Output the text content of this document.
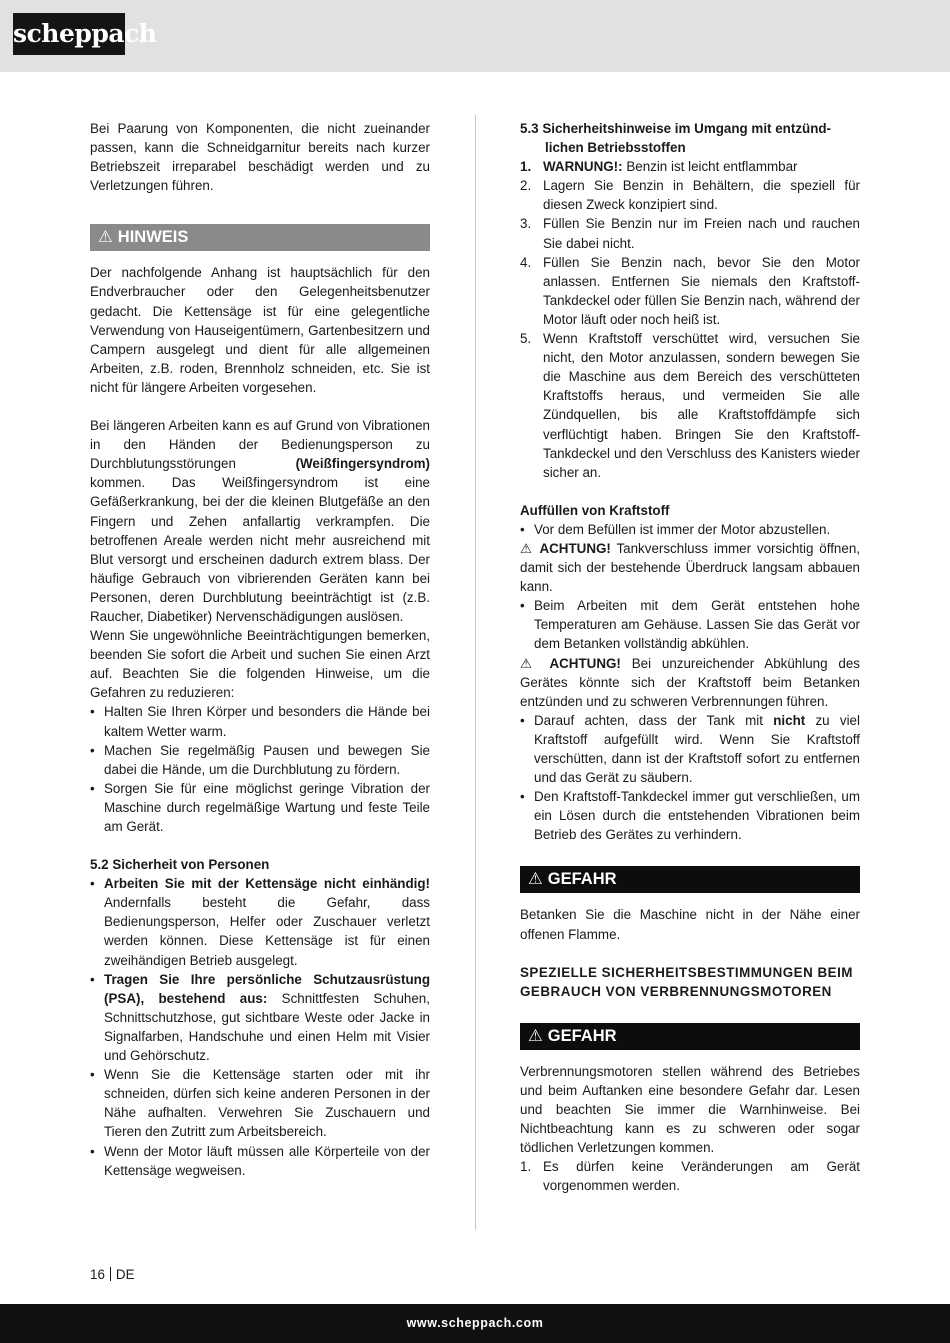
scheppach

Bei Paarung von Komponenten, die nicht zueinander passen, kann die Schneidgarnitur bereits nach kurzer Betriebszeit irreparabel beschädigt werden und zu Verletzungen führen.

⚠ HINWEIS

Der nachfolgende Anhang ist hauptsächlich für den Endverbraucher oder den Gelegenheitsbenutzer gedacht. Die Kettensäge ist für eine gelegentliche Verwendung von Hauseigentümern, Gartenbesitzern und Campern ausgelegt und dient für alle allgemeinen Arbeiten, z.B. roden, Brennholz schneiden, etc. Sie ist nicht für längere Arbeiten vorgesehen.

Bei längeren Arbeiten kann es auf Grund von Vibrationen in den Händen der Bedienungsperson zu Durchblutungsstörungen (Weißfingersyndrom) kommen. Das Weißfingersyndrom ist eine Gefäßerkrankung, bei der die kleinen Blutgefäße an den Fingern und Zehen anfallartig verkrampfen. Die betroffenen Areale werden nicht mehr ausreichend mit Blut versorgt und erscheinen dadurch extrem blass. Der häufige Gebrauch von vibrierenden Geräten kann bei Personen, deren Durchblutung beeinträchtigt ist (z.B. Raucher, Diabetiker) Nervenschädigungen auslösen.

Wenn Sie ungewöhnliche Beeinträchtigungen bemerken, beenden Sie sofort die Arbeit und suchen Sie einen Arzt auf. Beachten Sie die folgenden Hinweise, um die Gefahren zu reduzieren:

• Halten Sie Ihren Körper und besonders die Hände bei kaltem Wetter warm.
• Machen Sie regelmäßig Pausen und bewegen Sie dabei die Hände, um die Durchblutung zu fördern.
• Sorgen Sie für eine möglichst geringe Vibration der Maschine durch regelmäßige Wartung und feste Teile am Gerät.
5.2 Sicherheit von Personen
• Arbeiten Sie mit der Kettensäge nicht einhändig! Andernfalls besteht die Gefahr, dass Bedienungsperson, Helfer oder Zuschauer verletzt werden können. Diese Kettensäge ist für einen zweihändigen Betrieb ausgelegt.
• Tragen Sie Ihre persönliche Schutzausrüstung (PSA), bestehend aus: Schnittfesten Schuhen, Schnittschutzhose, gut sichtbare Weste oder Jacke in Signalfarben, Handschuhe und einen Helm mit Visier und Gehörschutz.
• Wenn Sie die Kettensäge starten oder mit ihr schneiden, dürfen sich keine anderen Personen in der Nähe aufhalten. Verwehren Sie Zuschauern und Tieren den Zutritt zum Arbeitsbereich.
• Wenn der Motor läuft müssen alle Körperteile von der Kettensäge wegweisen.
5.3 Sicherheitshinweise im Umgang mit entzünd-
lichen Betriebsstoffen
1. WARNUNG!: Benzin ist leicht entflammbar
2. Lagern Sie Benzin in Behältern, die speziell für diesen Zweck konzipiert sind.
3. Füllen Sie Benzin nur im Freien nach und rauchen Sie dabei nicht.
4. Füllen Sie Benzin nach, bevor Sie den Motor anlassen. Entfernen Sie niemals den Kraftstoff-Tankdeckel oder füllen Sie Benzin nach, während der Motor läuft oder noch heiß ist.
5. Wenn Kraftstoff verschüttet wird, versuchen Sie nicht, den Motor anzulassen, sondern bewegen Sie die Maschine aus dem Bereich des verschütteten Kraftstoffs heraus, und vermeiden Sie alle Zündquellen, bis alle Kraftstoffdämpfe sich verflüchtigt haben. Bringen Sie den Kraftstoff-Tankdeckel und den Verschluss des Kanisters wieder sicher an.
Auffüllen von Kraftstoff
• Vor dem Befüllen ist immer der Motor abzustellen.

⚠ ACHTUNG! Tankverschluss immer vorsichtig öffnen, damit sich der bestehende Überdruck langsam abbauen kann.

• Beim Arbeiten mit dem Gerät entstehen hohe Temperaturen am Gehäuse. Lassen Sie das Gerät vor dem Betanken vollständig abkühlen.

⚠ ACHTUNG! Bei unzureichender Abkühlung des Gerätes könnte sich der Kraftstoff beim Betanken entzünden und zu schweren Verbrennungen führen.

• Darauf achten, dass der Tank mit nicht zu viel Kraftstoff aufgefüllt wird. Wenn Sie Kraftstoff verschütten, dann ist der Kraftstoff sofort zu entfernen und das Gerät zu säubern.
• Den Kraftstoff-Tankdeckel immer gut verschließen, um ein Lösen durch die entstehenden Vibrationen beim Betrieb des Gerätes zu verhindern.
⚠ GEFAHR

Betanken Sie die Maschine nicht in der Nähe einer offenen Flamme.

SPEZIELLE SICHERHEITSBESTIMMUNGEN BEIM GEBRAUCH VON VERBRENNUNGSMOTOREN
⚠ GEFAHR

Verbrennungsmotoren stellen während des Betriebes und beim Auftanken eine besondere Gefahr dar. Lesen und beachten Sie immer die Warnhinweise. Bei Nichtbeachtung kann es zu schweren oder sogar tödlichen Verletzungen kommen.

1. Es dürfen keine Veränderungen am Gerät vorgenommen werden.
16 DE
www.scheppach.com
